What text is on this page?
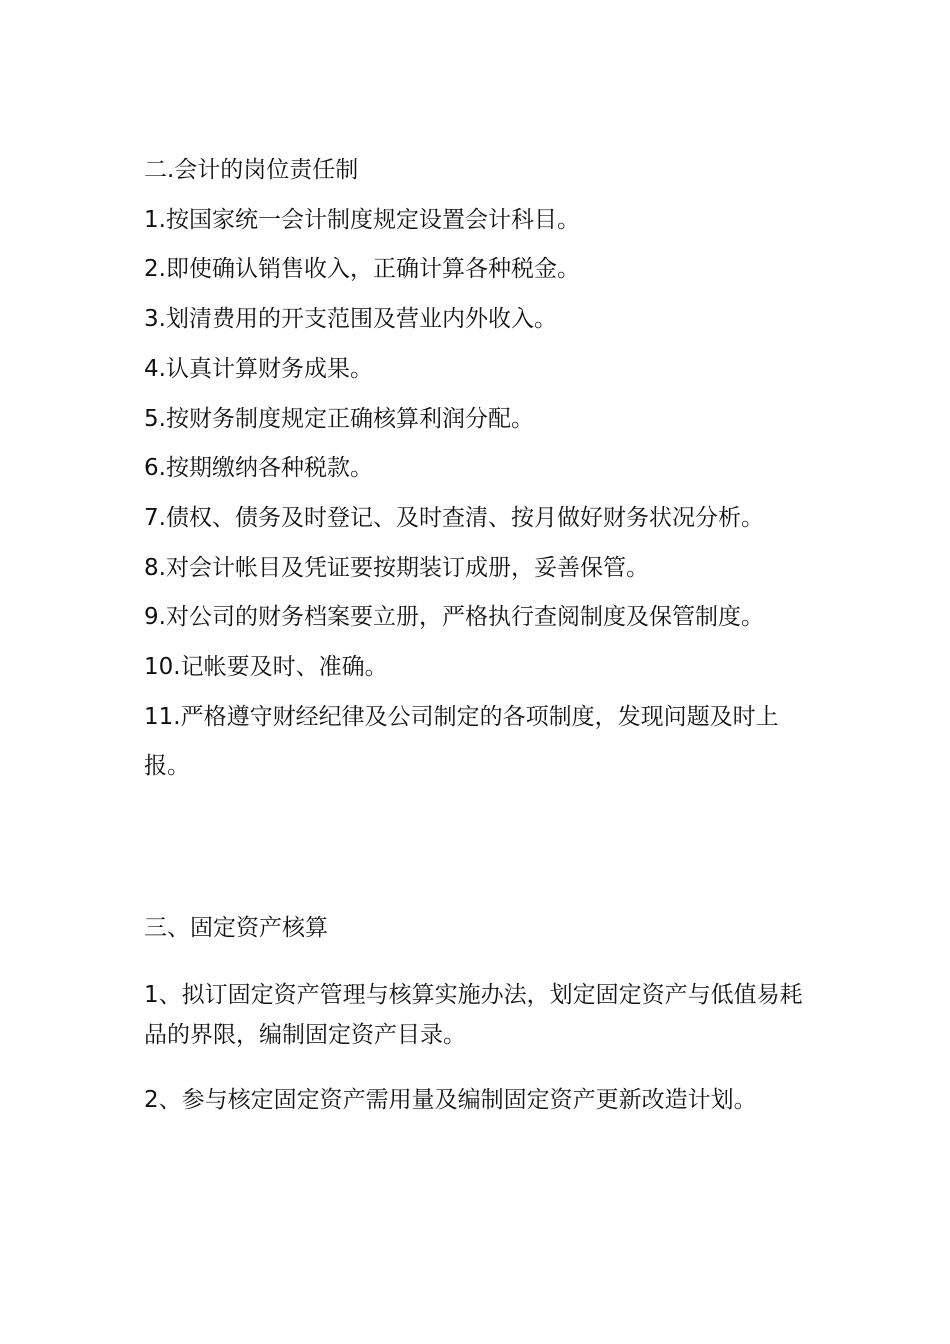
二.会计的岗位责任制

1.按国家统一会计制度规定设置会计科目。

2.即使确认销售收入，正确计算各种税金。

3.划清费用的开支范围及营业内外收入。

4.认真计算财务成果。

5.按财务制度规定正确核算利润分配。

6.按期缴纳各种税款。

7.债权、债务及时登记、及时查清、按月做好财务状况分析。

8.对会计帐目及凭证要按期装订成册，妥善保管。

9.对公司的财务档案要立册，严格执行查阅制度及保管制度。

10.记帐要及时、准确。

11.严格遵守财经纪律及公司制定的各项制度，发现问题及时上报。

三、固定资产核算

1、拟订固定资产管理与核算实施办法，划定固定资产与低值易耗品的界限，编制固定资产目录。

2、参与核定固定资产需用量及编制固定资产更新改造计划。
